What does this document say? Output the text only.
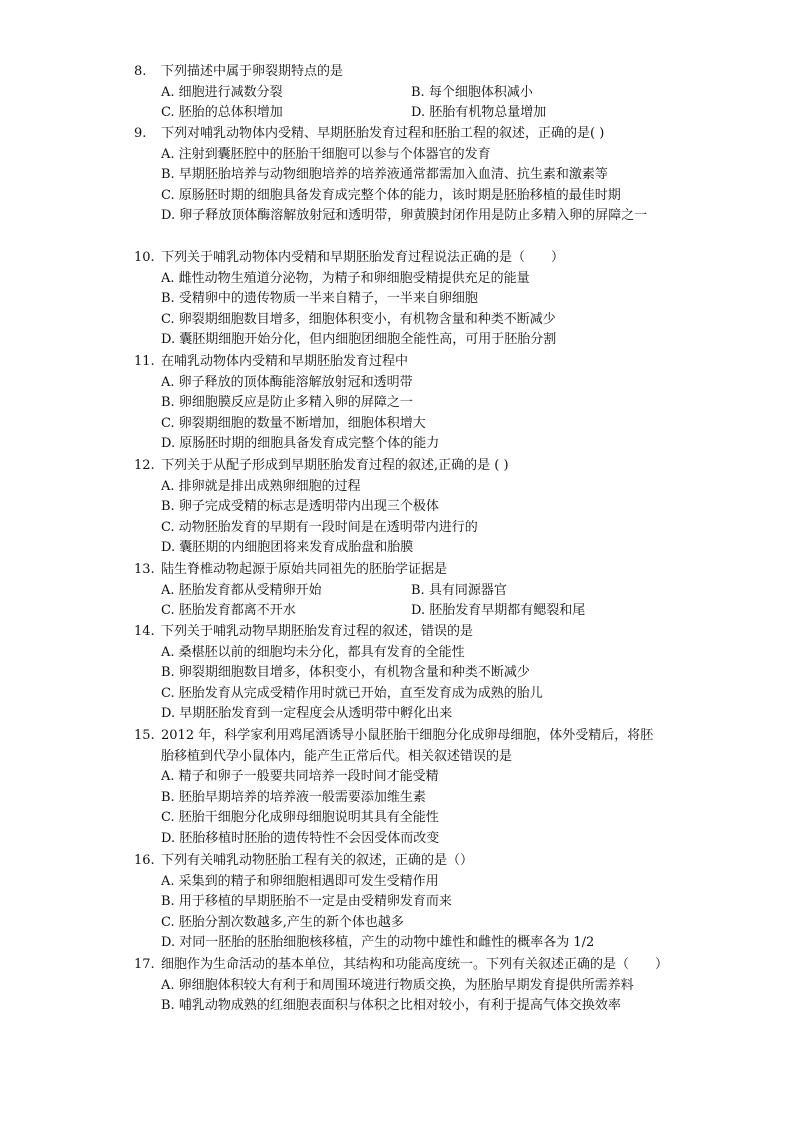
8. 下列描述中属于卵裂期特点的是
A. 细胞进行减数分裂	B. 每个细胞体积减小
C. 胚胎的总体积增加	D. 胚胎有机物总量增加
9. 下列对哺乳动物体内受精、早期胚胎发育过程和胚胎工程的叙述，正确的是( )
A. 注射到囊胚腔中的胚胎干细胞可以参与个体器官的发育
B. 早期胚胎培养与动物细胞培养的培养液通常都需加入血清、抗生素和激素等
C. 原肠胚时期的细胞具备发育成完整个体的能力，该时期是胚胎移植的最佳时期
D. 卵子释放顶体酶溶解放射冠和透明带，卵黄膜封闭作用是防止多精入卵的屏障之一
10. 下列关于哺乳动物体内受精和早期胚胎发育过程说法正确的是（　　）
A. 雌性动物生殖道分泌物，为精子和卵细胞受精提供充足的能量
B. 受精卵中的遗传物质一半来自精子，一半来自卵细胞
C. 卵裂期细胞数目增多，细胞体积变小，有机物含量和种类不断减少
D. 囊胚期细胞开始分化，但内细胞团细胞全能性高，可用于胚胎分割
11. 在哺乳动物体内受精和早期胚胎发育过程中
A. 卵子释放的顶体酶能溶解放射冠和透明带
B. 卵细胞膜反应是防止多精入卵的屏障之一
C. 卵裂期细胞的数量不断增加，细胞体积增大
D. 原肠胚时期的细胞具备发育成完整个体的能力
12. 下列关于从配子形成到早期胚胎发育过程的叙述,正确的是 ( )
A. 排卵就是排出成熟卵细胞的过程
B. 卵子完成受精的标志是透明带内出现三个极体
C. 动物胚胎发育的早期有一段时间是在透明带内进行的
D. 囊胚期的内细胞团将来发育成胎盘和胎膜
13. 陆生脊椎动物起源于原始共同祖先的胚胎学证据是
A. 胚胎发育都从受精卵开始	B. 具有同源器官
C. 胚胎发育都离不开水	D. 胚胎发育早期都有鳃裂和尾
14. 下列关于哺乳动物早期胚胎发育过程的叙述，错误的是
A. 桑椹胚以前的细胞均未分化，都具有发育的全能性
B. 卵裂期细胞数目增多，体积变小，有机物含量和种类不断减少
C. 胚胎发育从完成受精作用时就已开始，直至发育成为成熟的胎儿
D. 早期胚胎发育到一定程度会从透明带中孵化出来
15. 2012 年，科学家利用鸡尾酒诱导小鼠胚胎干细胞分化成卵母细胞，体外受精后，将胚胎移植到代孕小鼠体内，能产生正常后代。相关叙述错误的是
A. 精子和卵子一般要共同培养一段时间才能受精
B. 胚胎早期培养的培养液一般需要添加维生素
C. 胚胎干细胞分化成卵母细胞说明其具有全能性
D. 胚胎移植时胚胎的遗传特性不会因受体而改变
16. 下列有关哺乳动物胚胎工程有关的叙述，正确的是（）
A. 采集到的精子和卵细胞相遇即可发生受精作用
B. 用于移植的早期胚胎不一定是由受精卵发育而来
C. 胚胎分割次数越多,产生的新个体也越多
D. 对同一胚胎的胚胎细胞核移植，产生的动物中雄性和雌性的概率各为 1/2
17. 细胞作为生命活动的基本单位，其结构和功能高度统一。下列有关叙述正确的是（　　）
A. 卵细胞体积较大有利于和周围环境进行物质交换，为胚胎早期发育提供所需养料
B. 哺乳动物成熟的红细胞表面积与体积之比相对较小，有利于提高气体交换效率
